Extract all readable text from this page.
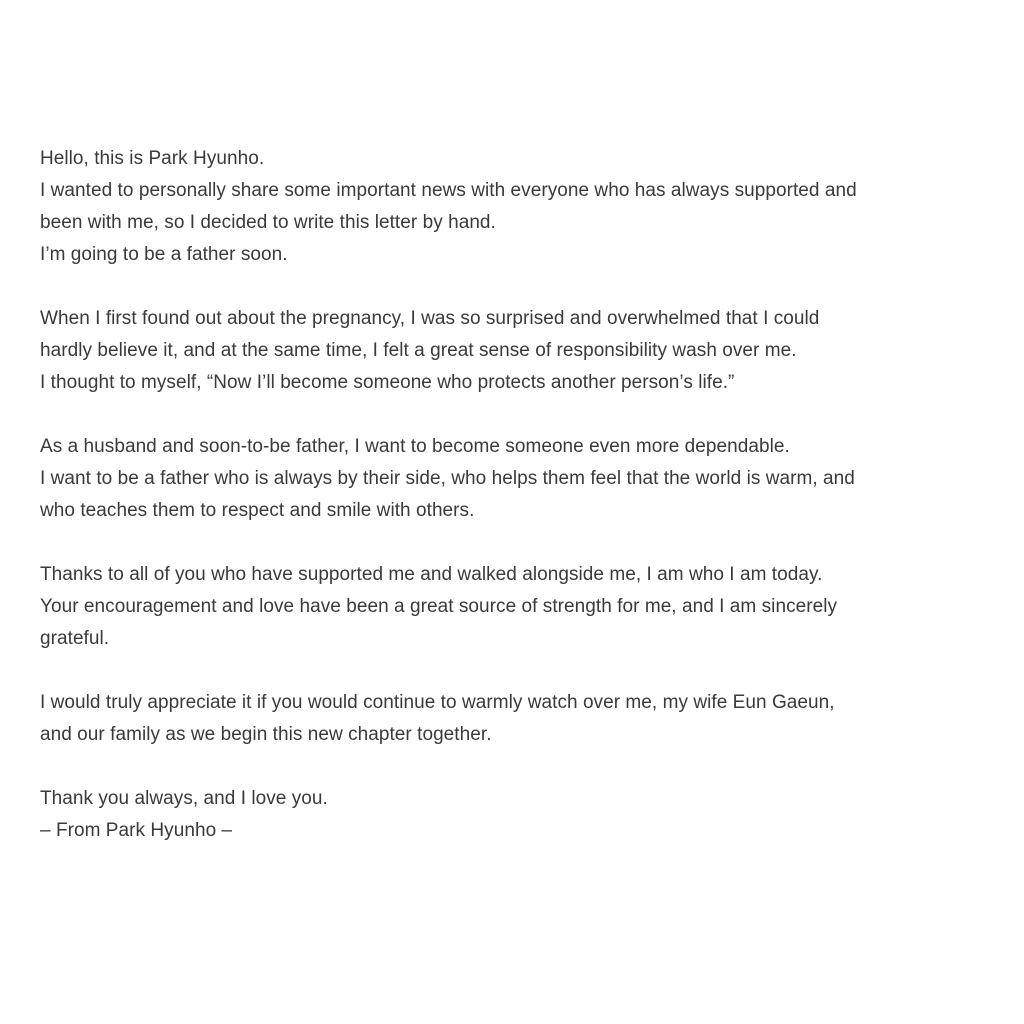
Hello, this is Park Hyunho.
I wanted to personally share some important news with everyone who has always supported and
been with me, so I decided to write this letter by hand.
I’m going to be a father soon.

When I first found out about the pregnancy, I was so surprised and overwhelmed that I could
hardly believe it, and at the same time, I felt a great sense of responsibility wash over me.
I thought to myself, “Now I’ll become someone who protects another person’s life.”

As a husband and soon-to-be father, I want to become someone even more dependable.
I want to be a father who is always by their side, who helps them feel that the world is warm, and
who teaches them to respect and smile with others.

Thanks to all of you who have supported me and walked alongside me, I am who I am today.
Your encouragement and love have been a great source of strength for me, and I am sincerely
grateful.

I would truly appreciate it if you would continue to warmly watch over me, my wife Eun Gaeun,
and our family as we begin this new chapter together.

Thank you always, and I love you.
– From Park Hyunho –
